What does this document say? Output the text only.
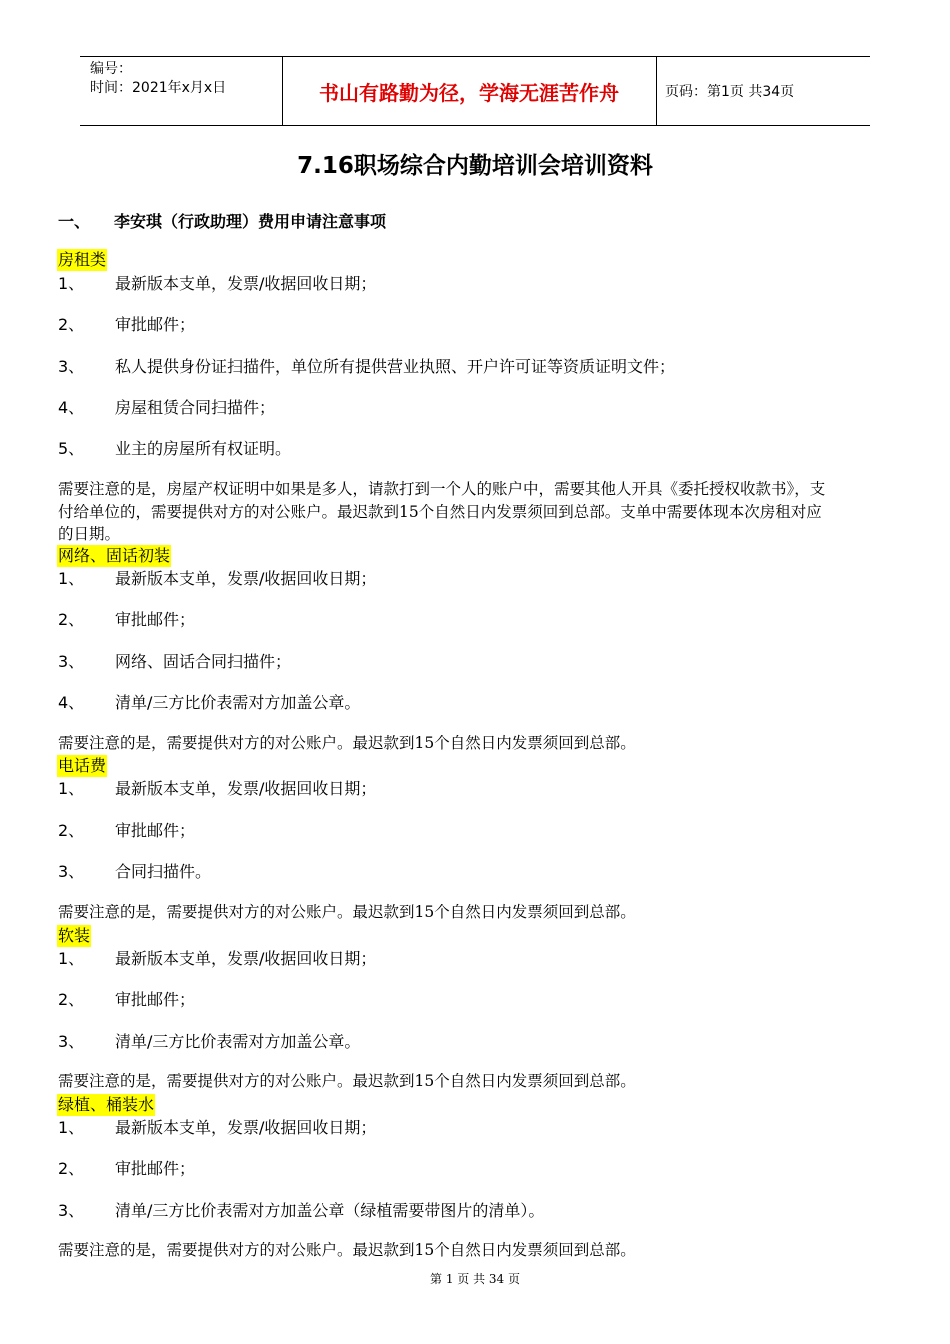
编号：
时间：2021年x月x日	书山有路勤为径，学海无涯苦作舟	页码：第1页 共34页
7.16职场综合内勤培训会培训资料
一、 李安琪（行政助理）费用申请注意事项
房租类
1、 最新版本支单，发票/收据回收日期；
2、 审批邮件；
3、 私人提供身份证扫描件，单位所有提供营业执照、开户许可证等资质证明文件；
4、 房屋租赁合同扫描件；
5、 业主的房屋所有权证明。
需要注意的是，房屋产权证明中如果是多人，请款打到一个人的账户中，需要其他人开具《委托授权收款书》，支付给单位的，需要提供对方的对公账户。最迟款到15个自然日内发票须回到总部。支单中需要体现本次房租对应的日期。
网络、固话初装
1、 最新版本支单，发票/收据回收日期；
2、 审批邮件；
3、 网络、固话合同扫描件；
4、 清单/三方比价表需对方加盖公章。
需要注意的是，需要提供对方的对公账户。最迟款到15个自然日内发票须回到总部。
电话费
1、 最新版本支单，发票/收据回收日期；
2、 审批邮件；
3、 合同扫描件。
需要注意的是，需要提供对方的对公账户。最迟款到15个自然日内发票须回到总部。
软装
1、 最新版本支单，发票/收据回收日期；
2、 审批邮件；
3、 清单/三方比价表需对方加盖公章。
需要注意的是，需要提供对方的对公账户。最迟款到15个自然日内发票须回到总部。
绿植、桶装水
1、 最新版本支单，发票/收据回收日期；
2、 审批邮件；
3、 清单/三方比价表需对方加盖公章（绿植需要带图片的清单）。
需要注意的是，需要提供对方的对公账户。最迟款到15个自然日内发票须回到总部。
第 1 页 共 34 页
